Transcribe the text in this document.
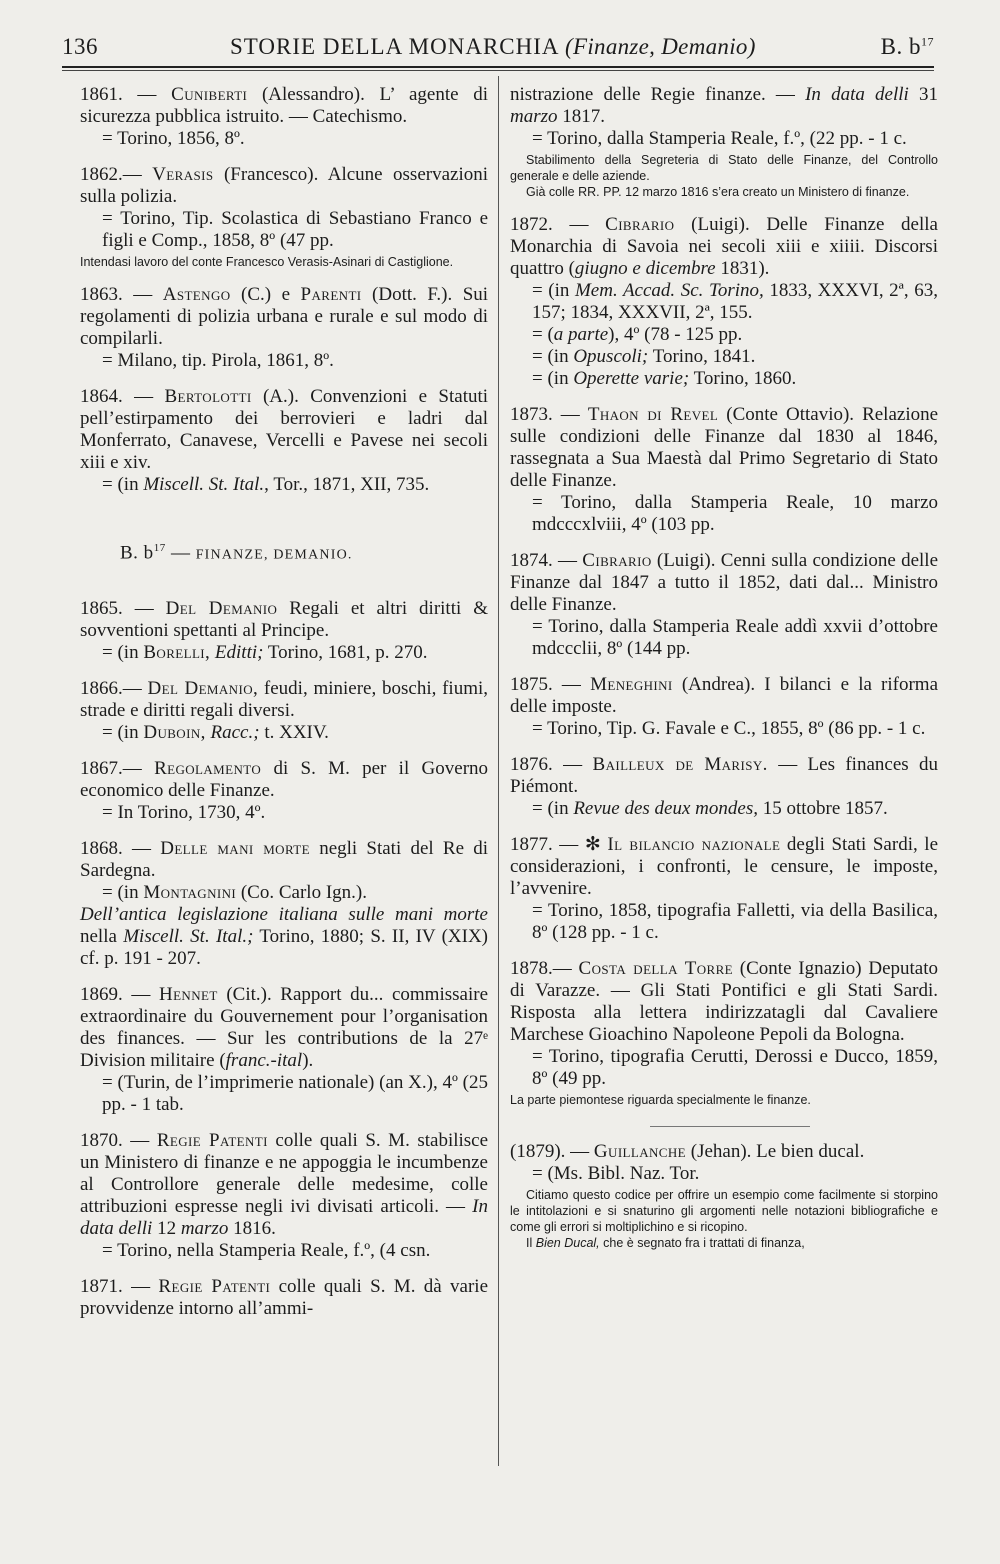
136	STORIE DELLA MONARCHIA (Finanze, Demanio)	B. $b^{17}$
1861. — Cuniberti (Alessandro). L’ agente di sicurezza pubblica istruito. — Catechismo.
= Torino, 1856, 8º.
1862.— Verasis (Francesco). Alcune osservazioni sulla polizia.
= Torino, Tip. Scolastica di Sebastiano Franco e figli e Comp., 1858, 8º (47 pp.
Intendasi lavoro del conte Francesco Verasis-Asinari di Castiglione.
1863. — Astengo (C.) e Parenti (Dott. F.). Sui regolamenti di polizia urbana e rurale e sul modo di compilarli.
= Milano, tip. Pirola, 1861, 8º.
1864. — Bertolotti (A.). Convenzioni e Statuti pell’estirpamento dei berrovieri e ladri dal Monferrato, Canavese, Vercelli e Pavese nei secoli xiii e xiv.
= (in Miscell. St. Ital., Tor., 1871, XII, 735.
B. $b^{17}$ — FINANZE, DEMANIO.
1865. — Del Demanio Regali et altri diritti & sovventioni spettanti al Principe.
= (in Borelli, Editti; Torino, 1681, p. 270.
1866.— Del Demanio, feudi, miniere, boschi, fiumi, strade e diritti regali diversi.
= (in Duboin, Racc.; t. XXIV.
1867.— Regolamento di S. M. per il Governo economico delle Finanze.
= In Torino, 1730, 4º.
1868. — Delle mani morte negli Stati del Re di Sardegna.
= (in Montagnini (Co. Carlo Ign.).
Dell’antica legislazione italiana sulle mani morte nella Miscell. St. Ital.; Torino, 1880; S. II, IV (XIX) cf. p. 191 - 207.
1869. — Hennet (Cit.). Rapport du... commissaire extraordinaire du Gouvernement pour l’organisation des finances. — Sur les contributions de la 27ᵉ Division militaire (franc.-ital).
= (Turin, de l’imprimerie nationale) (an X.), 4º (25 pp. - 1 tab.
1870. — Regie Patenti colle quali S. M. stabilisce un Ministero di finanze e ne appoggia le incumbenze al Controllore generale delle medesime, colle attribuzioni espresse negli ivi divisati articoli. — In data delli 12 marzo 1816.
= Torino, nella Stamperia Reale, f.º, (4 csn.
1871. — Regie Patenti colle quali S. M. dà varie provvidenze intorno all’ammi-
nistrazione delle Regie finanze. — In data delli 31 marzo 1817.
= Torino, dalla Stamperia Reale, f.º, (22 pp. - 1 c.
Stabilimento della Segreteria di Stato delle Finanze, del Controllo generale e delle aziende.
Già colle RR. PP. 12 marzo 1816 s’era creato un Ministero di finanze.
1872. — Cibrario (Luigi). Delle Finanze della Monarchia di Savoia nei secoli xiii e xiiii. Discorsi quattro (giugno e dicembre 1831).
= (in Mem. Accad. Sc. Torino, 1833, XXXVI, 2ª, 63, 157; 1834, XXXVII, 2ª, 155.
= (a parte), 4º (78 - 125 pp.
= (in Opuscoli; Torino, 1841.
= (in Operette varie; Torino, 1860.
1873. — Thaon di Revel (Conte Ottavio). Relazione sulle condizioni delle Finanze dal 1830 al 1846, rassegnata a Sua Maestà dal Primo Segretario di Stato delle Finanze.
= Torino, dalla Stamperia Reale, 10 marzo mdcccxlviii, 4º (103 pp.
1874. — Cibrario (Luigi). Cenni sulla condizione delle Finanze dal 1847 a tutto il 1852, dati dal... Ministro delle Finanze.
= Torino, dalla Stamperia Reale addì xxvii d’ottobre mdccclii, 8º (144 pp.
1875. — Meneghini (Andrea). I bilanci e la riforma delle imposte.
= Torino, Tip. G. Favale e C., 1855, 8º (86 pp. - 1 c.
1876. — Bailleux de Marisy. — Les finances du Piémont.
= (in Revue des deux mondes, 15 ottobre 1857.
1877. — ✻ Il bilancio nazionale degli Stati Sardi, le considerazioni, i confronti, le censure, le imposte, l’avvenire.
= Torino, 1858, tipografia Falletti, via della Basilica, 8º (128 pp. - 1 c.
1878.— Costa della Torre (Conte Ignazio) Deputato di Varazze. — Gli Stati Pontifici e gli Stati Sardi. Risposta alla lettera indirizzatagli dal Cavaliere Marchese Gioachino Napoleone Pepoli da Bologna.
= Torino, tipografia Cerutti, Derossi e Ducco, 1859, 8º (49 pp.
La parte piemontese riguarda specialmente le finanze.
(1879). — Guillanche (Jehan). Le bien ducal.
= (Ms. Bibl. Naz. Tor.
Citiamo questo codice per offrire un esempio come facilmente si storpino le intitolazioni e si snaturino gli argomenti nelle notazioni bibliografiche e come gli errori si moltiplichino e si ricopino.
Il Bien Ducal, che è segnato fra i trattati di finanza,
